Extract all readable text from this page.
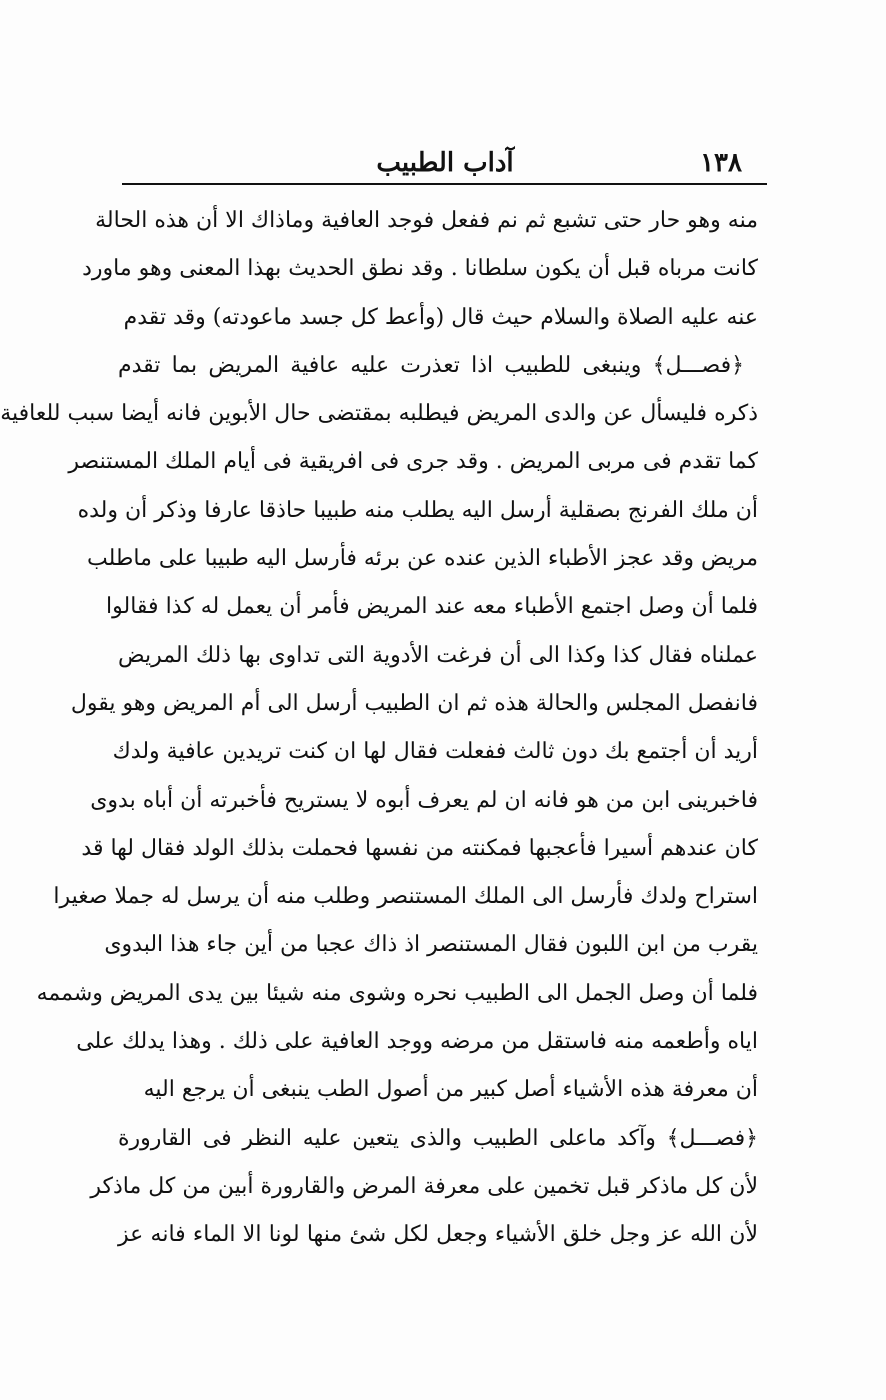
١٣٨
آداب الطبيب
منه وهو حار حتى تشبع ثم نم ففعل فوجد العافية وماذاك الا أن هذه الحالة
كانت مرباه قبل أن يكون سلطانا . وقد نطق الحديث بهذا المعنى وهو ماورد
عنه عليه الصلاة والسلام حيث قال (وأعط كل جسد ماعودته) وقد تقدم
﴿فصـــل﴾ وينبغى للطبيب اذا تعذرت عليه عافية المريض بما تقدم
ذكره فليسأل عن والدى المريض فيطلبه بمقتضى حال الأبوين فانه أيضا سبب للعافية
كما تقدم فى مربى المريض . وقد جرى فى افريقية فى أيام الملك المستنصر
أن ملك الفرنج بصقلية أرسل اليه يطلب منه طبيبا حاذقا عارفا وذكر أن ولده
مريض وقد عجز الأطباء الذين عنده عن برئه فأرسل اليه طبيبا على ماطلب
فلما أن وصل اجتمع الأطباء معه عند المريض فأمر أن يعمل له كذا فقالوا
عملناه فقال كذا وكذا الى أن فرغت الأدوية التى تداوى بها ذلك المريض
فانفصل المجلس والحالة هذه ثم ان الطبيب أرسل الى أم المريض وهو يقول
أريد أن أجتمع بك دون ثالث ففعلت فقال لها ان كنت تريدين عافية ولدك
فاخبرينى ابن من هو فانه ان لم يعرف أبوه لا يستريح فأخبرته أن أباه بدوى
كان عندهم أسيرا فأعجبها فمكنته من نفسها فحملت بذلك الولد فقال لها قد
استراح ولدك فأرسل الى الملك المستنصر وطلب منه أن يرسل له جملا صغيرا
يقرب من ابن اللبون فقال المستنصر اذ ذاك عجبا من أين جاء هذا البدوى
فلما أن وصل الجمل الى الطبيب نحره وشوى منه شيئا بين يدى المريض وشممه
اياه وأطعمه منه فاستقل من مرضه ووجد العافية على ذلك . وهذا يدلك على
أن معرفة هذه الأشياء أصل كبير من أصول الطب ينبغى أن يرجع اليه
﴿فصـــل﴾ وآكد ماعلى الطبيب والذى يتعين عليه النظر فى القارورة
لأن كل ماذكر قبل تخمين على معرفة المرض والقارورة أبين من كل ماذكر
لأن الله عز وجل خلق الأشياء وجعل لكل شئ منها لونا الا الماء فانه عز
